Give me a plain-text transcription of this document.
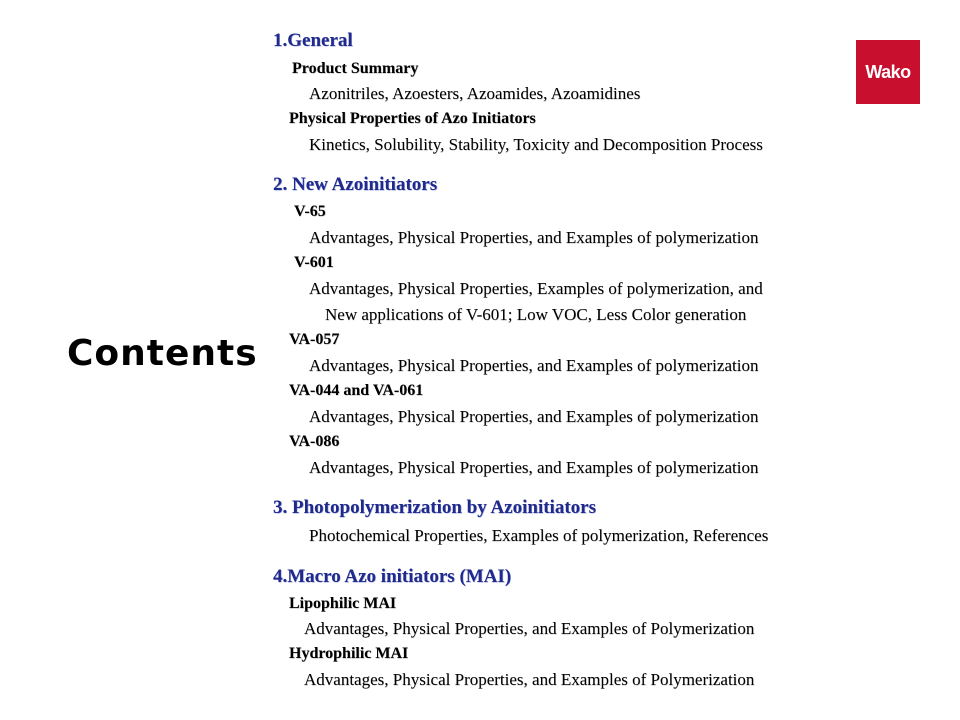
Contents
Wako
1.General
Product Summary
Azonitriles, Azoesters, Azoamides, Azoamidines
Physical Properties of Azo Initiators
Kinetics, Solubility, Stability, Toxicity and Decomposition Process
2. New Azoinitiators
V-65
Advantages, Physical Properties, and Examples of polymerization
V-601
Advantages, Physical Properties, Examples of polymerization, and
New applications of V-601; Low VOC, Less Color generation
VA-057
Advantages, Physical Properties, and Examples of polymerization
VA-044 and VA-061
Advantages, Physical Properties, and Examples of polymerization
VA-086
Advantages, Physical Properties, and Examples of polymerization
3. Photopolymerization by Azoinitiators
Photochemical Properties, Examples of polymerization, References
4.Macro Azo initiators (MAI)
Lipophilic MAI
Advantages, Physical Properties, and Examples of Polymerization
Hydrophilic MAI
Advantages, Physical Properties, and Examples of Polymerization
